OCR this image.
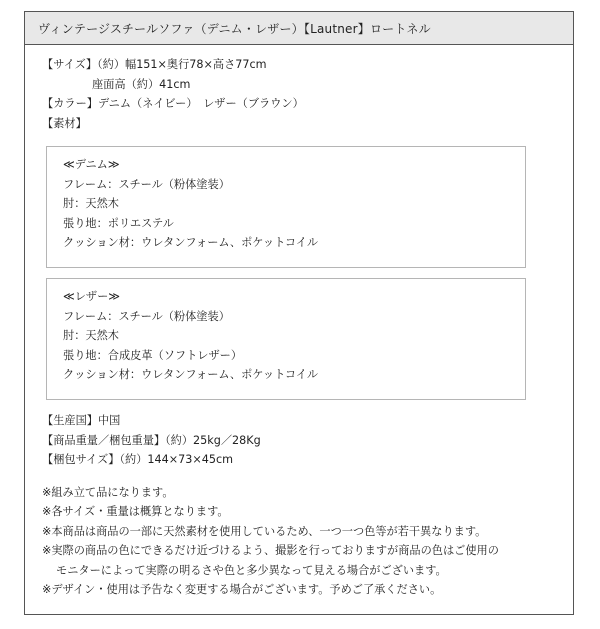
ヴィンテージスチールソファ（デニム・レザー）【Lautner】ロートネル
【サイズ】（約）幅151×奥行78×高さ77cm
座面高（約）41cm
【カラー】デニム（ネイビー）　レザー（ブラウン）
【素材】
≪デニム≫
フレーム：スチール（粉体塗装）
肘：天然木
張り地：ポリエステル
クッション材：ウレタンフォーム、ポケットコイル
≪レザー≫
フレーム：スチール（粉体塗装）
肘：天然木
張り地：合成皮革（ソフトレザー）
クッション材：ウレタンフォーム、ポケットコイル
【生産国】中国
【商品重量／梱包重量】（約）25kg／28Kg
【梱包サイズ】（約）144×73×45cm
※組み立て品になります。
※各サイズ・重量は概算となります。
※本商品は商品の一部に天然素材を使用しているため、一つ一つ色等が若干異なります。
※実際の商品の色にできるだけ近づけるよう、撮影を行っておりますが商品の色はご使用の
モニターによって実際の明るさや色と多少異なって見える場合がございます。
※デザイン・使用は予告なく変更する場合がございます。予めご了承ください。
